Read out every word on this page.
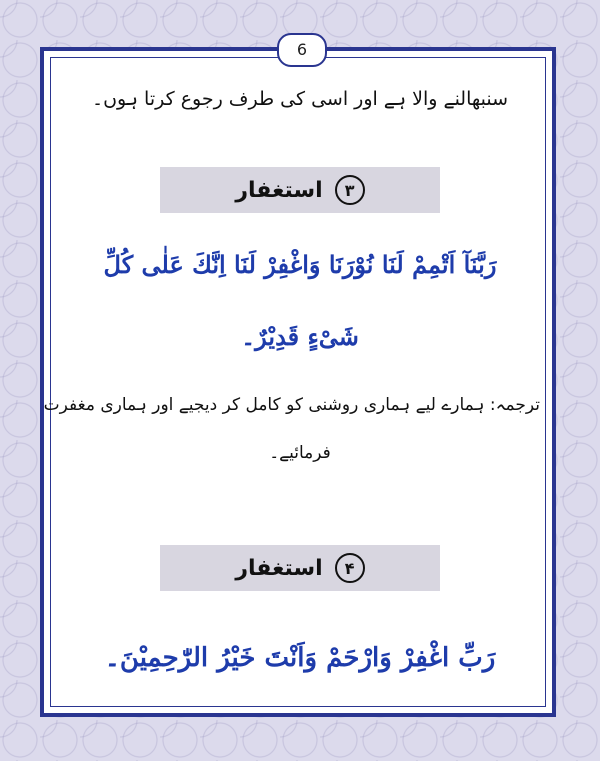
6
سنبھالنے والا ہے اور اسی کی طرف رجوع کرتا ہوں۔
۳
استغفار
رَبَّنَآ اَتْمِمْ لَنَا نُوْرَنَا وَاغْفِرْ لَنَا اِنَّكَ عَلٰى كُلِّ
شَیْءٍ قَدِیْرٌ۔
ترجمہ: ہمارے لیے ہماری روشنی کو کامل کر دیجیے اور ہماری مغفرت
فرمائیے۔
۴
استغفار
رَبِّ اغْفِرْ وَارْحَمْ وَاَنْتَ خَیْرُ الرّٰحِمِیْنَ۔
